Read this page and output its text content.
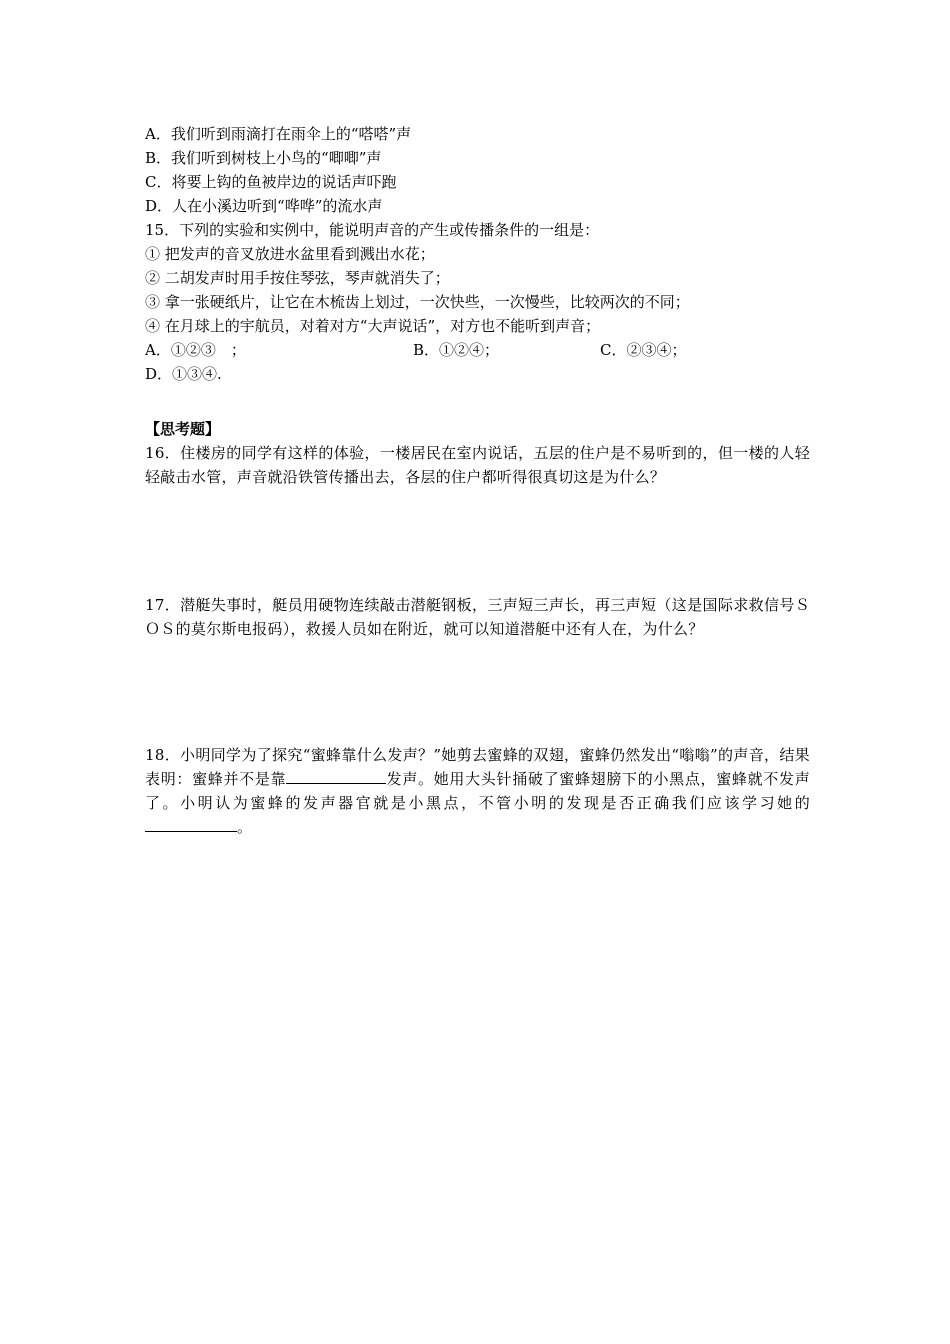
A．我们听到雨滴打在雨伞上的“嗒嗒”声
B．我们听到树枝上小鸟的“唧唧”声
C．将要上钩的鱼被岸边的说话声吓跑
D．人在小溪边听到“哗哗”的流水声
15．下列的实验和实例中，能说明声音的产生或传播条件的一组是：
① 把发声的音叉放进水盆里看到溅出水花；
② 二胡发声时用手按住琴弦，琴声就消失了；
③ 拿一张硬纸片，让它在木梳齿上划过，一次快些，一次慢些，比较两次的不同；
④ 在月球上的宇航员，对着对方“大声说话”，对方也不能听到声音；
A．①②③　；	B．①②④；	C．②③④；
D．①③④.
【思考题】
16．住楼房的同学有这样的体验，一楼居民在室内说话，五层的住户是不易听到的，但一楼的人轻轻敲击水管，声音就沿铁管传播出去，各层的住户都听得很真切这是为什么？
17．潜艇失事时，艇员用硬物连续敲击潜艇钢板，三声短三声长，再三声短（这是国际求救信号ＳＯＳ的莫尔斯电报码），救援人员如在附近，就可以知道潜艇中还有人在，为什么？
18．小明同学为了探究“蜜蜂靠什么发声？”她剪去蜜蜂的双翅，蜜蜂仍然发出“嗡嗡”的声音，结果表明：蜜蜂并不是靠	发声。她用大头针捅破了蜜蜂翅膀下的小黑点，蜜蜂就不发声了。小明认为蜜蜂的发声器官就是小黑点，不管小明的发现是否正确我们应该学习她的。
